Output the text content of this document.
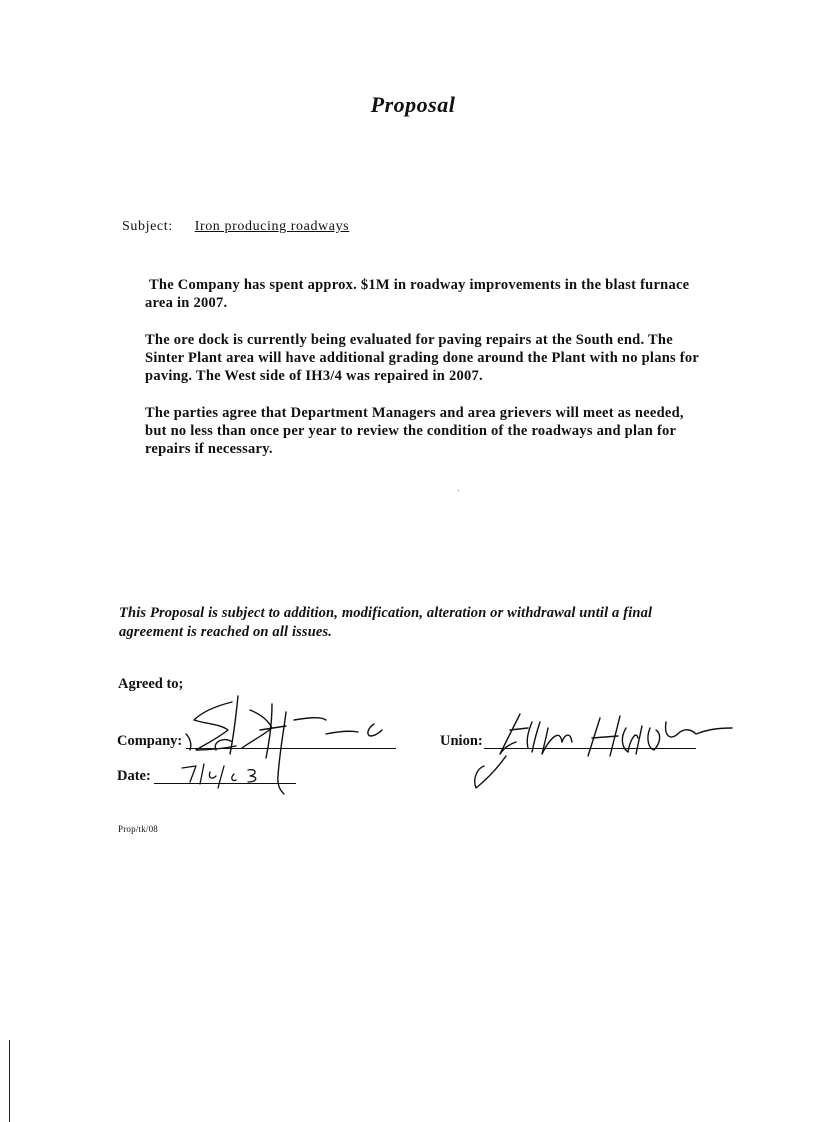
Proposal
Subject: Iron producing roadways

The Company has spent approx. $1M in roadway improvements in the blast furnace area in 2007.

The ore dock is currently being evaluated for paving repairs at the South end. The Sinter Plant area will have additional grading done around the Plant with no plans for paving. The West side of IH3/4 was repaired in 2007.

The parties agree that Department Managers and area grievers will meet as needed, but no less than once per year to review the condition of the roadways and plan for repairs if necessary.

This Proposal is subject to addition, modification, alteration or withdrawal until a final agreement is reached on all issues.

Agreed to;
Company:	Union:
Date:
Prop/tk/08
